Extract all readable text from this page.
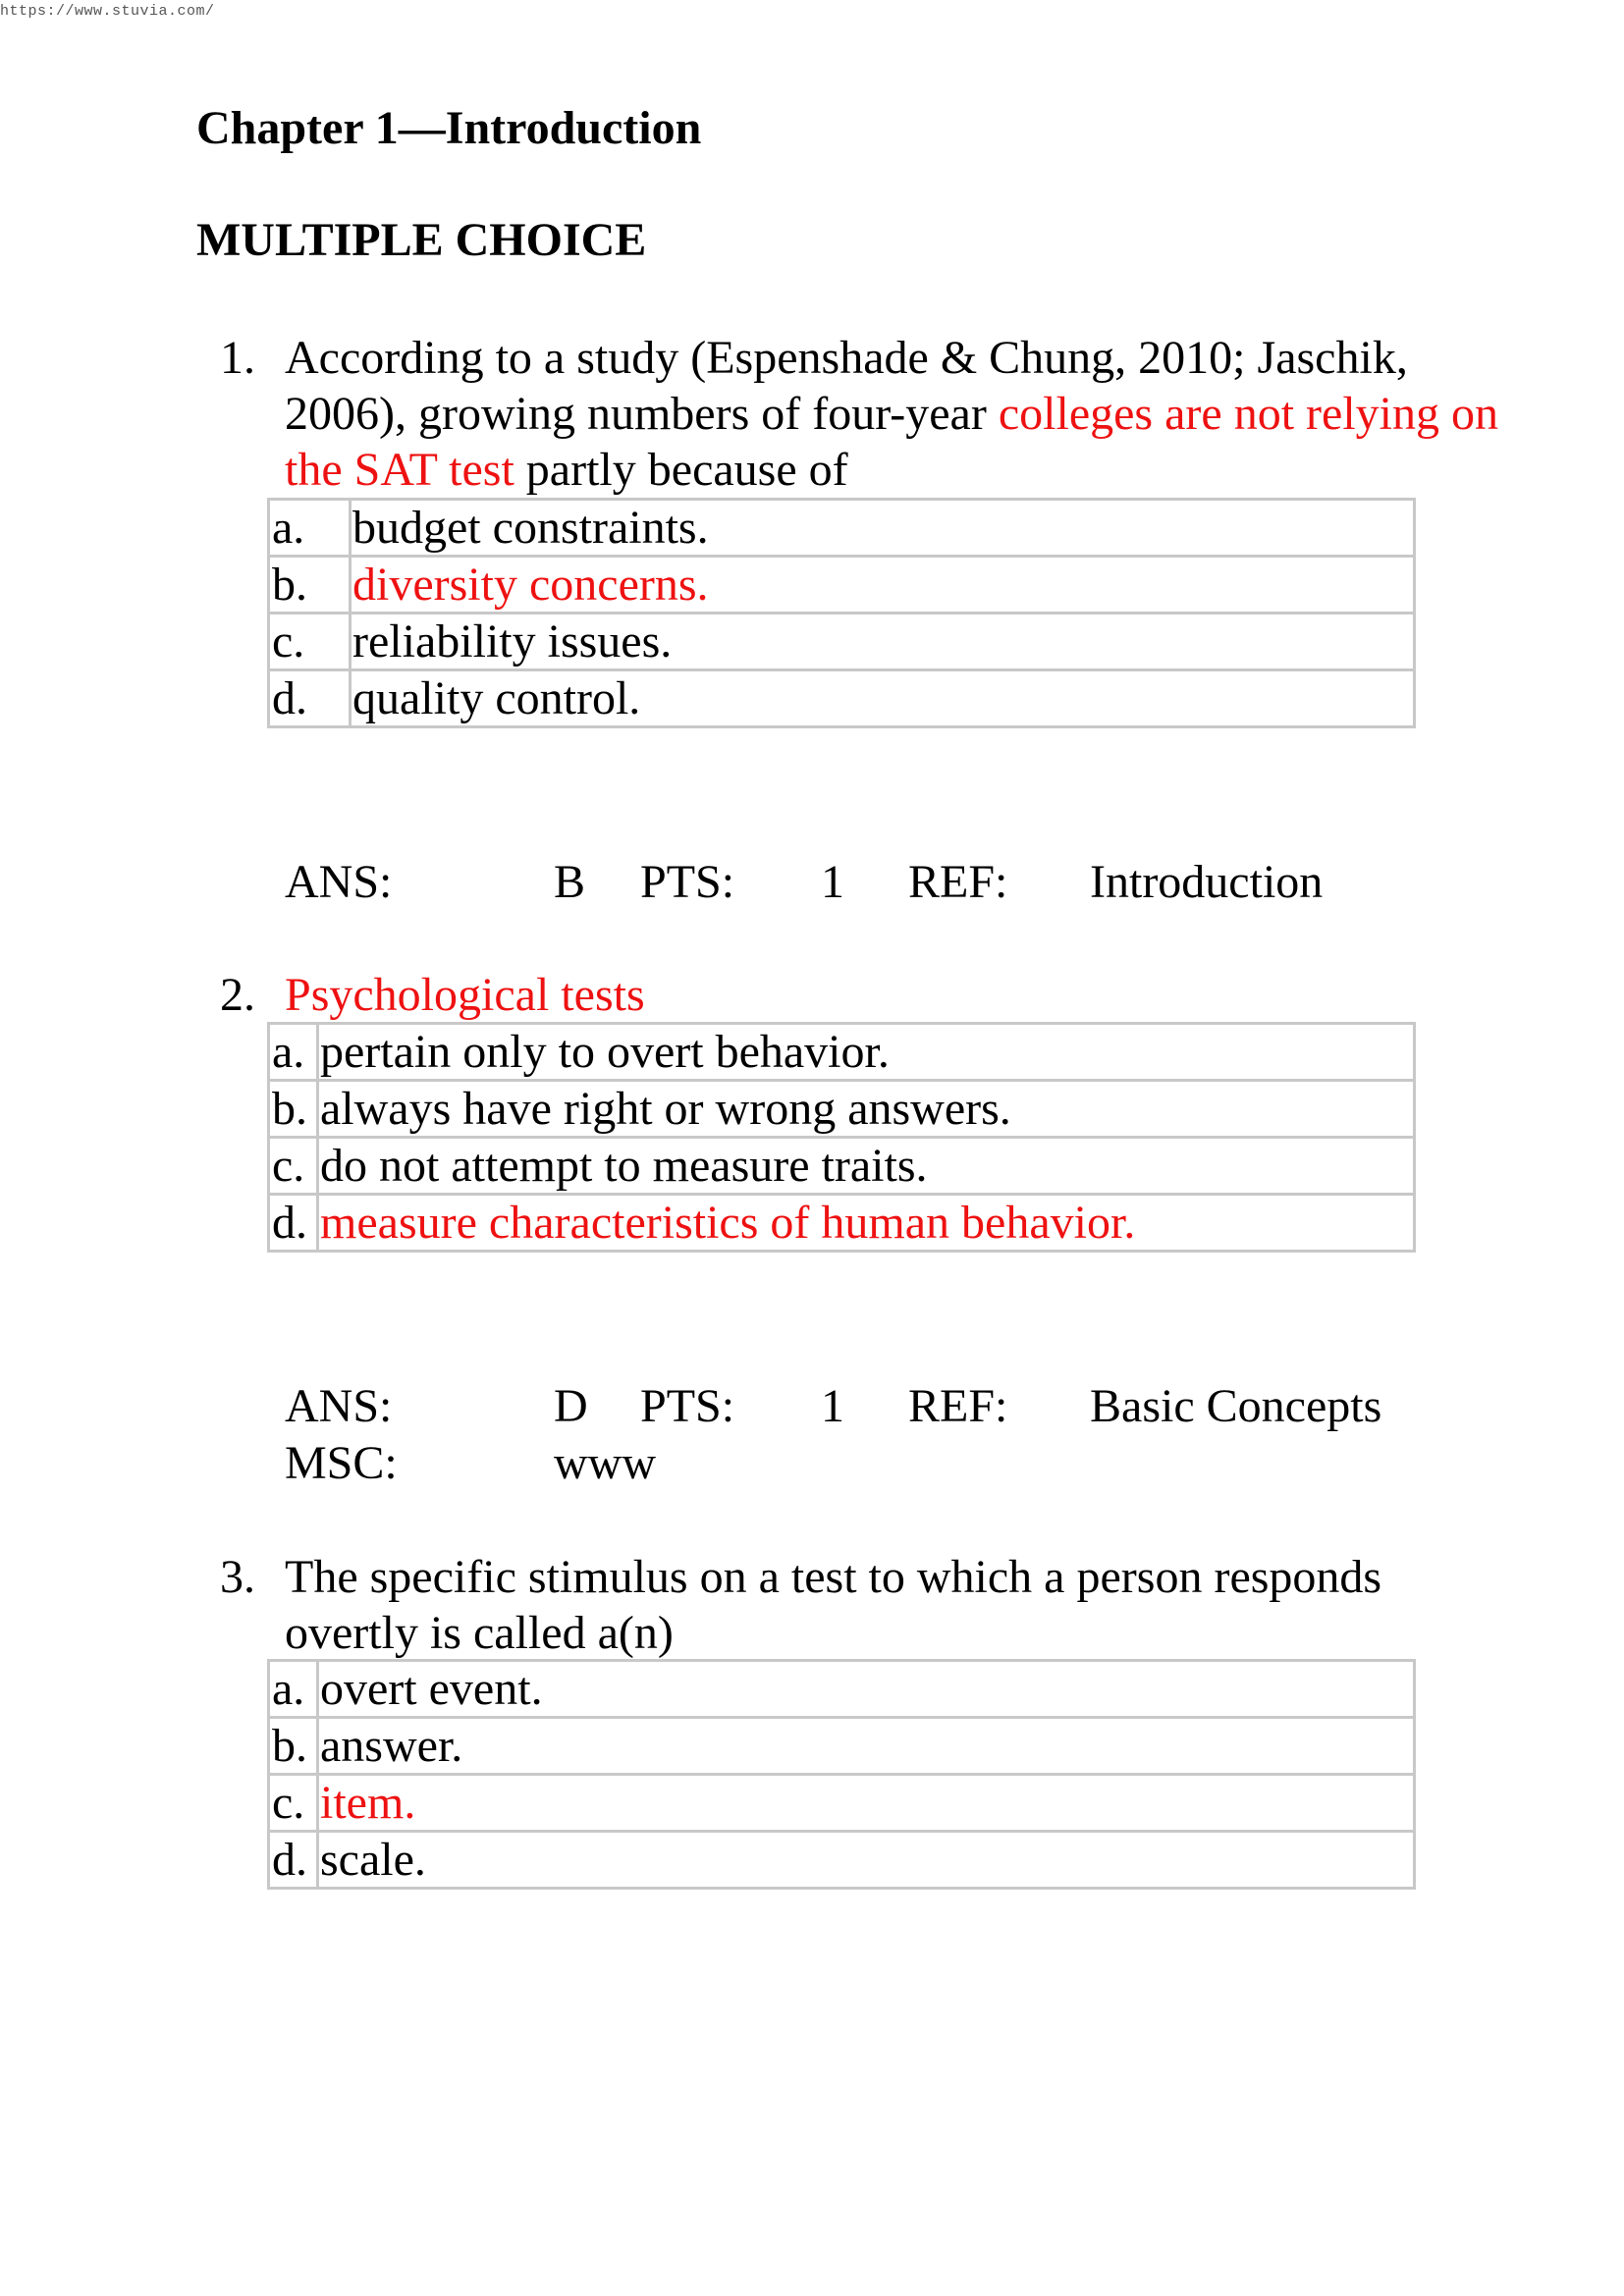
https://www.stuvia.com/
Chapter 1—Introduction
MULTIPLE CHOICE
1. According to a study (Espenshade & Chung, 2010; Jaschik, 2006), growing numbers of four-year colleges are not relying on the SAT test partly because of
a.	budget constraints.
b.	diversity concerns.
c.	reliability issues.
d.	quality control.
ANS:	B PTS: 1 REF: Introduction
2. Psychological tests
a.	pertain only to overt behavior.
b.	always have right or wrong answers.
c.	do not attempt to measure traits.
d.	measure characteristics of human behavior.
ANS:	D PTS: 1 REF: Basic Concepts
MSC:	www
3. The specific stimulus on a test to which a person responds overtly is called a(n)
a.	overt event.
b.	answer.
c.	item.
d.	scale.
